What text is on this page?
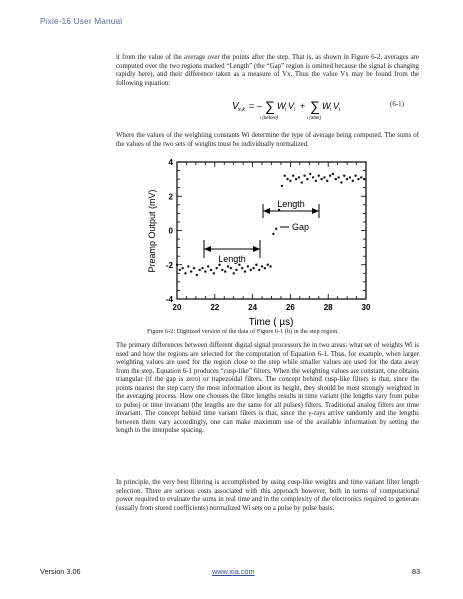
Pixie-16 User Manual
it from the value of the average over the points after the step. That is, as shown in Figure 6-2, averages are computed over the two regions marked “Length” (the “Gap” region is omitted because the signal is changing rapidly here), and their difference taken as a measure of Vx. Thus the value Vx may be found from the following equation:
V x,k = – ∑
i (before)
W i V i + ∑
i (after)
W i V i
(6-1)
Where the values of the weighting constants Wi determine the type of average being computed. The sums of the values of the two sets of weights must be individually normalized.
20	22	24	26	28	30
4
2
0
-2
-4
Time ( µs)
Preamp Output (mV)	Length
Gap
Length
Figure 6-2: Digitized version of the data of Figure 6-1 (b) in the step region.
The primary differences between different digital signal processors lie in two areas: what set of weights Wi is used and how the regions are selected for the computation of Equation 6-1. Thus, for example, when larger weighting values are used for the region close to the step while smaller values are used for the data away from the step, Equation 6-1 produces “cusp-like” filters. When the weighting values are constant, one obtains triangular (if the gap is zero) or trapezoidal filters. The concept behind cusp-like filters is that, since the points nearest the step carry the most information about its height, they should be most strongly weighted in the averaging process. How one chooses the filter lengths results in time variant (the lengths vary from pulse to pulse) or time invariant (the lengths are the same for all pulses) filters. Traditional analog filters are time invariant. The concept behind time variant filters is that, since the γ-rays arrive randomly and the lengths between them vary accordingly, one can make maximum use of the available information by setting the length to the interpulse spacing.
In principle, the very best filtering is accomplished by using cusp-like weights and time variant filter length selection. There are serious costs associated with this approach however, both in terms of computational power required to evaluate the sums in real time and in the complexity of the electronics required to generate (usually from stored coefficients) normalized Wi sets on a pulse by pulse basis.
Version 3.06	www.xia.com	83
